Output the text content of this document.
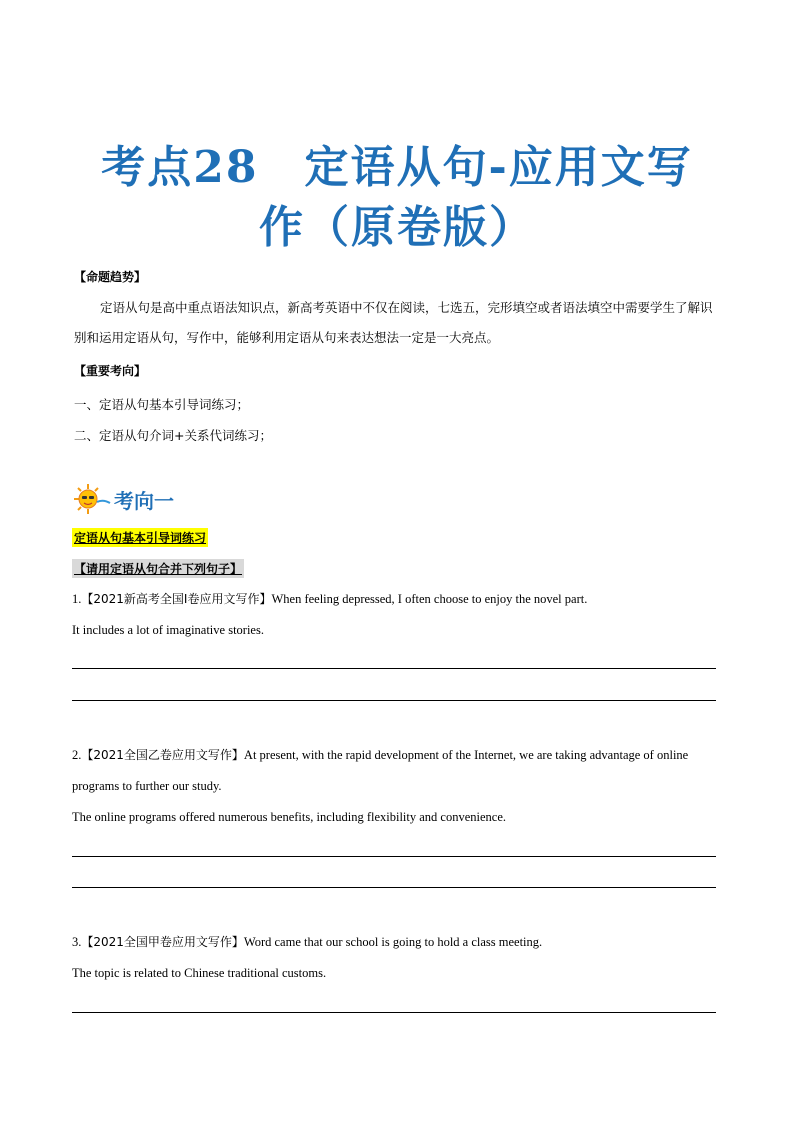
考点28 定语从句-应用文写
作（原卷版）
【命题趋势】
定语从句是高中重点语法知识点，新高考英语中不仅在阅读，七选五，完形填空或者语法填空中需要学生了解识别和运用定语从句，写作中，能够利用定语从句来表达想法一定是一大亮点。
【重要考向】
一、定语从句基本引导词练习；
二、定语从句介词+关系代词练习；
考向一
定语从句基本引导词练习
【请用定语从句合并下列句子】
1.【2021新高考全国I卷应用文写作】When feeling depressed, I often choose to enjoy the novel part.
It includes a lot of imaginative stories.
2.【2021全国乙卷应用文写作】At present, with the rapid development of the Internet, we are taking advantage of online programs to further our study.
The online programs offered numerous benefits, including flexibility and convenience.
3.【2021全国甲卷应用文写作】Word came that our school is going to hold a class meeting.
The topic is related to Chinese traditional customs.
